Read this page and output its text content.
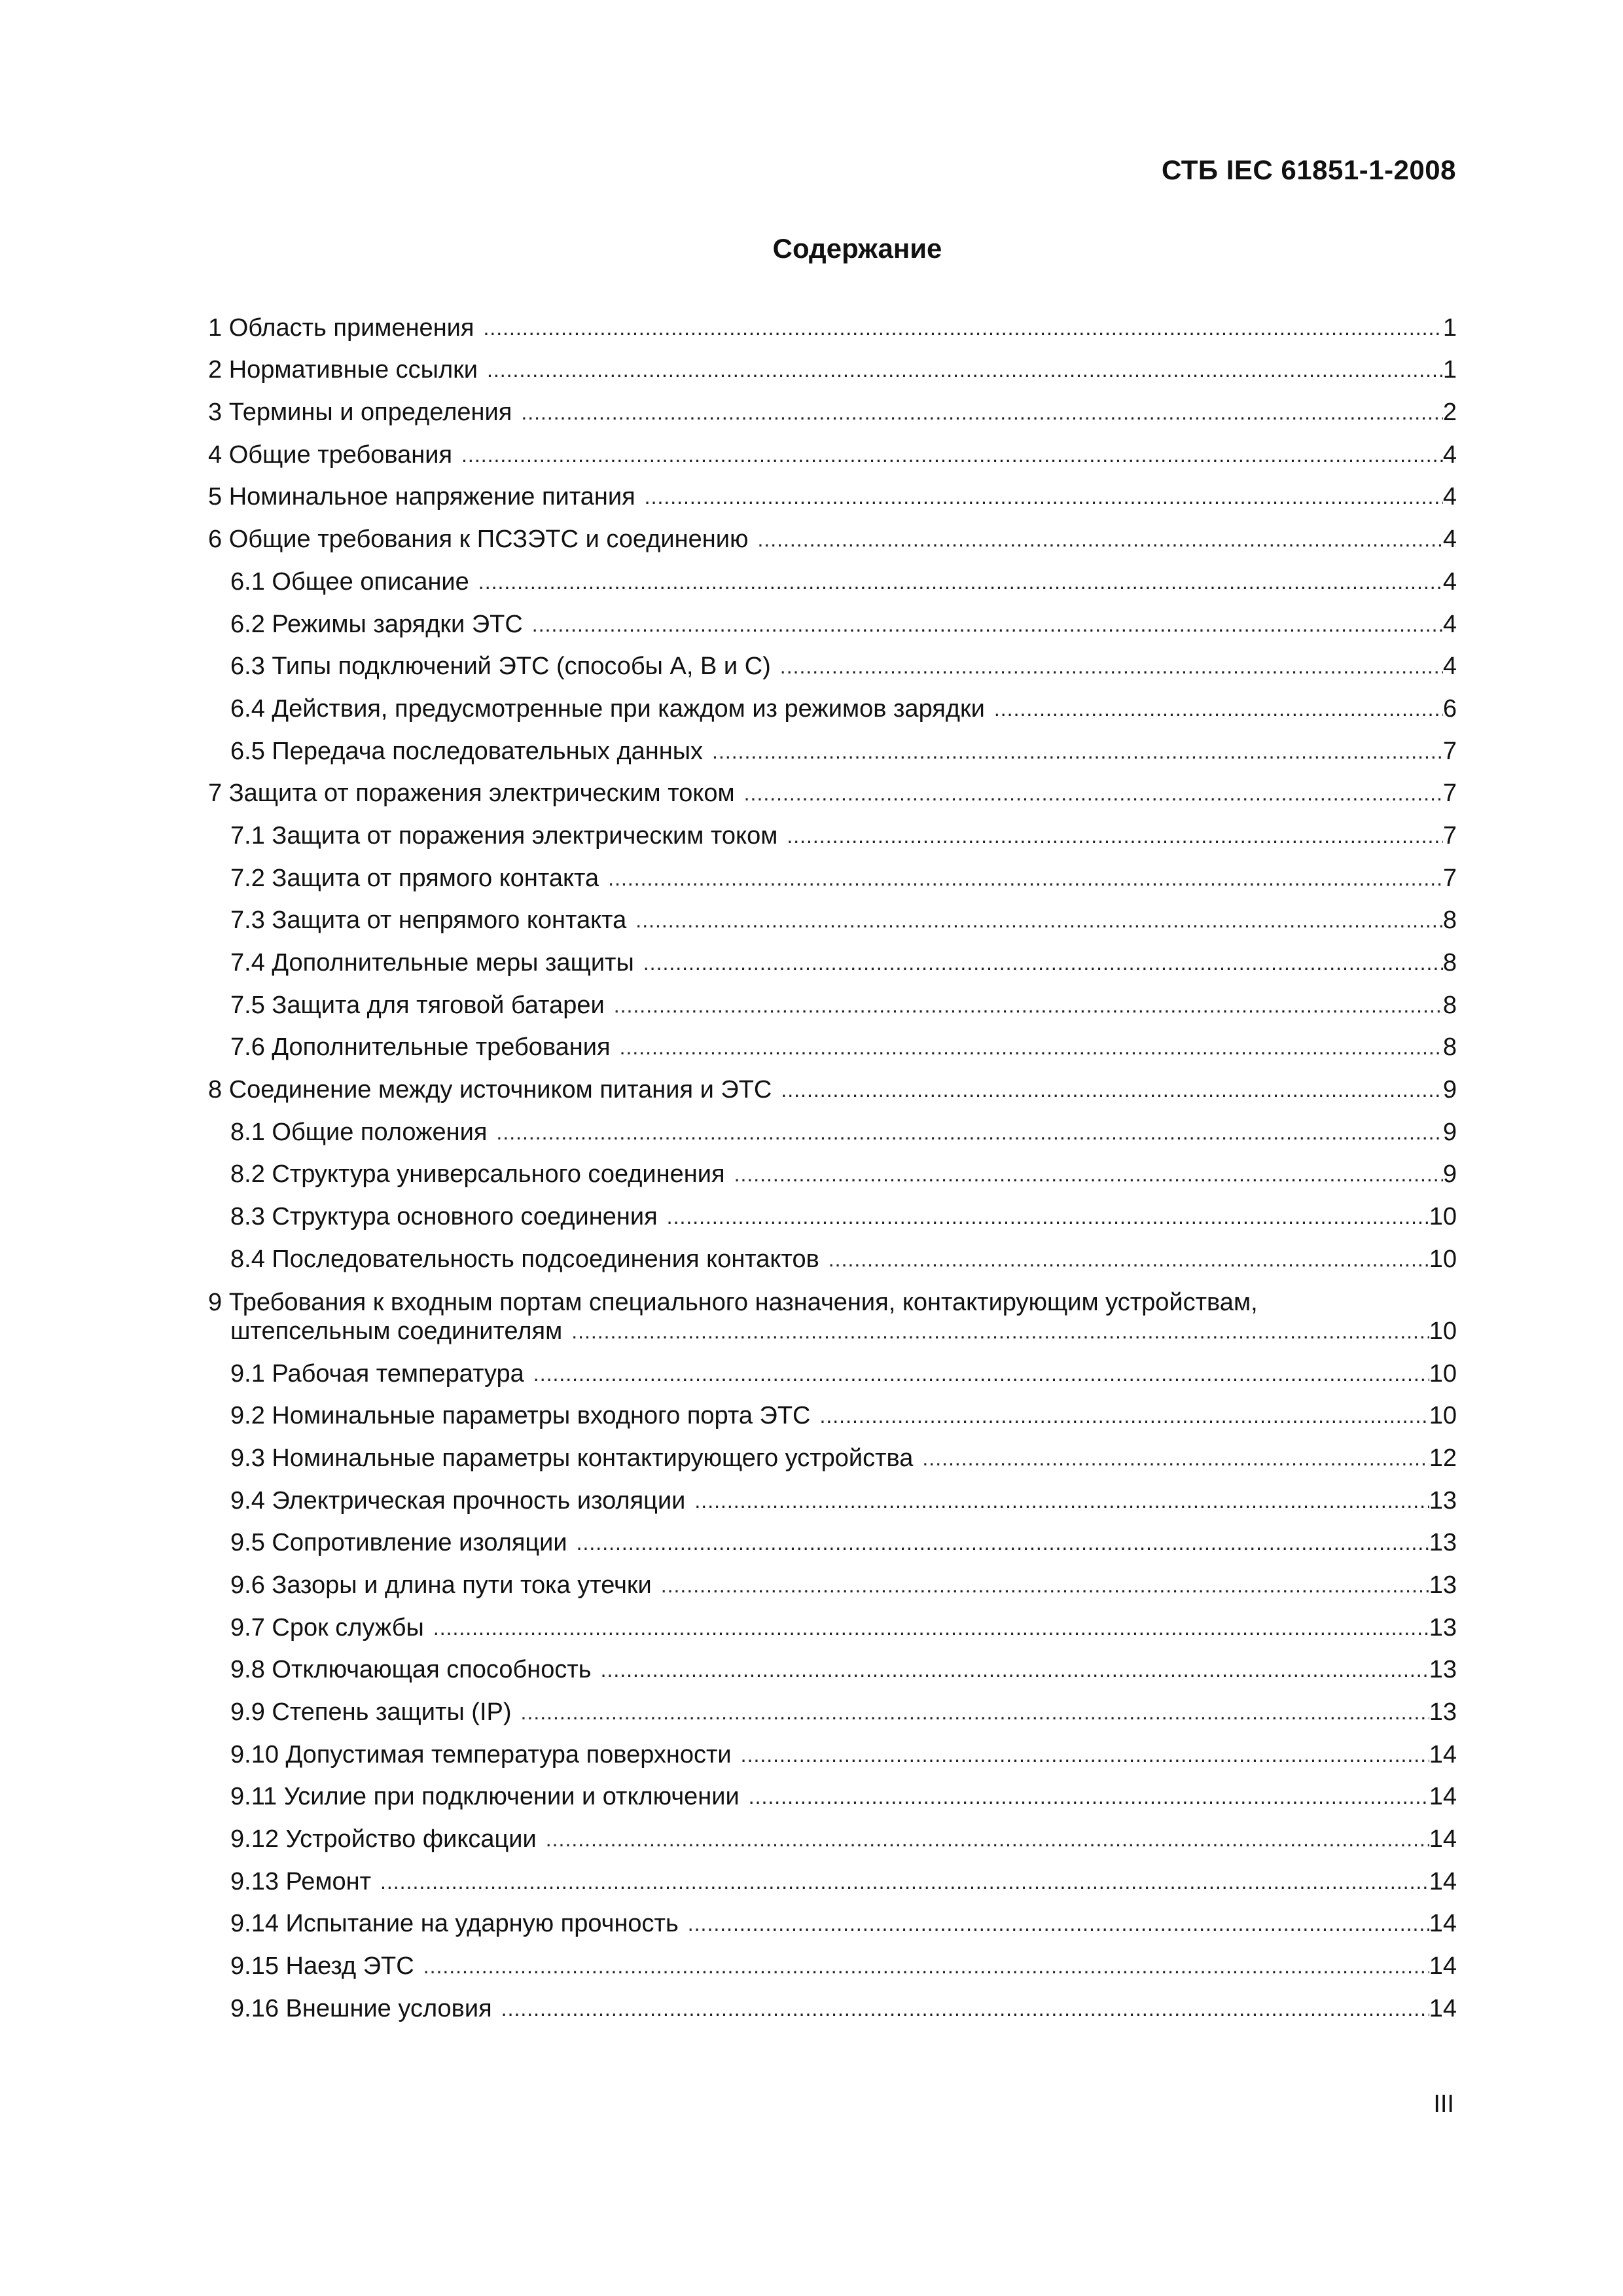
СТБ IEC 61851-1-2008
Содержание
1 Область применения .....	1
2 Нормативные ссылки .....	1
3 Термины и определения .....	2
4 Общие требования .....	4
5 Номинальное напряжение питания .....	4
6 Общие требования к ПСЗЭТС и соединению .....	4
6.1 Общее описание .....	4
6.2 Режимы зарядки ЭТС .....	4
6.3 Типы подключений ЭТС (способы А, В и С) .....	4
6.4 Действия, предусмотренные при каждом из режимов зарядки .....	6
6.5 Передача последовательных данных .....	7
7 Защита от поражения электрическим током .....	7
7.1 Защита от поражения электрическим током .....	7
7.2 Защита от прямого контакта .....	7
7.3 Защита от непрямого контакта .....	8
7.4 Дополнительные меры защиты .....	8
7.5 Защита для тяговой батареи .....	8
7.6 Дополнительные требования .....	8
8 Соединение между источником питания и ЭТС .....	9
8.1 Общие положения .....	9
8.2 Структура универсального соединения .....	9
8.3 Структура основного соединения .....	10
8.4 Последовательность подсоединения контактов .....	10
9 Требования к входным портам специального назначения, контактирующим устройствам,
штепсельным соединителям .....	10
9.1 Рабочая температура .....	10
9.2 Номинальные параметры входного порта ЭТС .....	10
9.3 Номинальные параметры контактирующего устройства .....	12
9.4 Электрическая прочность изоляции .....	13
9.5 Сопротивление изоляции .....	13
9.6 Зазоры и длина пути тока утечки .....	13
9.7 Срок службы .....	13
9.8 Отключающая способность .....	13
9.9 Степень защиты (IP) .....	13
9.10 Допустимая температура поверхности .....	14
9.11 Усилие при подключении и отключении .....	14
9.12 Устройство фиксации .....	14
9.13 Ремонт .....	14
9.14 Испытание на ударную прочность .....	14
9.15 Наезд ЭТС .....	14
9.16 Внешние условия .....	14
III
